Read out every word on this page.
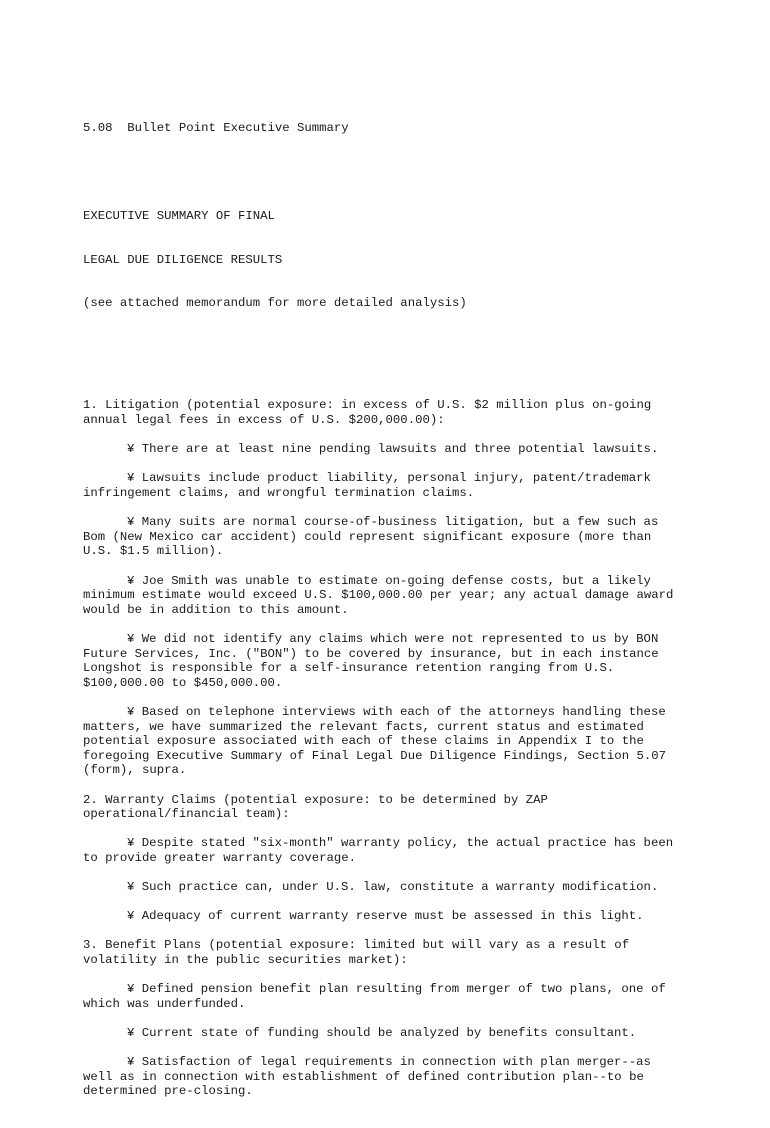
5.08  Bullet Point Executive Summary

EXECUTIVE SUMMARY OF FINAL

LEGAL DUE DILIGENCE RESULTS

(see attached memorandum for more detailed analysis)

1. Litigation (potential exposure: in excess of U.S. $2 million plus on-going
annual legal fees in excess of U.S. $200,000.00):
¥ There are at least nine pending lawsuits and three potential lawsuits.
¥ Lawsuits include product liability, personal injury, patent/trademark
infringement claims, and wrongful termination claims.
¥ Many suits are normal course-of-business litigation, but a few such as
Bom (New Mexico car accident) could represent significant exposure (more than
U.S. $1.5 million).
¥ Joe Smith was unable to estimate on-going defense costs, but a likely
minimum estimate would exceed U.S. $100,000.00 per year; any actual damage award
would be in addition to this amount.
¥ We did not identify any claims which were not represented to us by BON
Future Services, Inc. ("BON") to be covered by insurance, but in each instance
Longshot is responsible for a self-insurance retention ranging from U.S.
$100,000.00 to $450,000.00.
¥ Based on telephone interviews with each of the attorneys handling these
matters, we have summarized the relevant facts, current status and estimated
potential exposure associated with each of these claims in Appendix I to the
foregoing Executive Summary of Final Legal Due Diligence Findings, Section 5.07
(form), supra.
2. Warranty Claims (potential exposure: to be determined by ZAP
operational/financial team):
¥ Despite stated "six-month" warranty policy, the actual practice has been
to provide greater warranty coverage.
¥ Such practice can, under U.S. law, constitute a warranty modification.
¥ Adequacy of current warranty reserve must be assessed in this light.
3. Benefit Plans (potential exposure: limited but will vary as a result of
volatility in the public securities market):
¥ Defined pension benefit plan resulting from merger of two plans, one of
which was underfunded.
¥ Current state of funding should be analyzed by benefits consultant.
¥ Satisfaction of legal requirements in connection with plan merger--as
well as in connection with establishment of defined contribution plan--to be
determined pre-closing.
